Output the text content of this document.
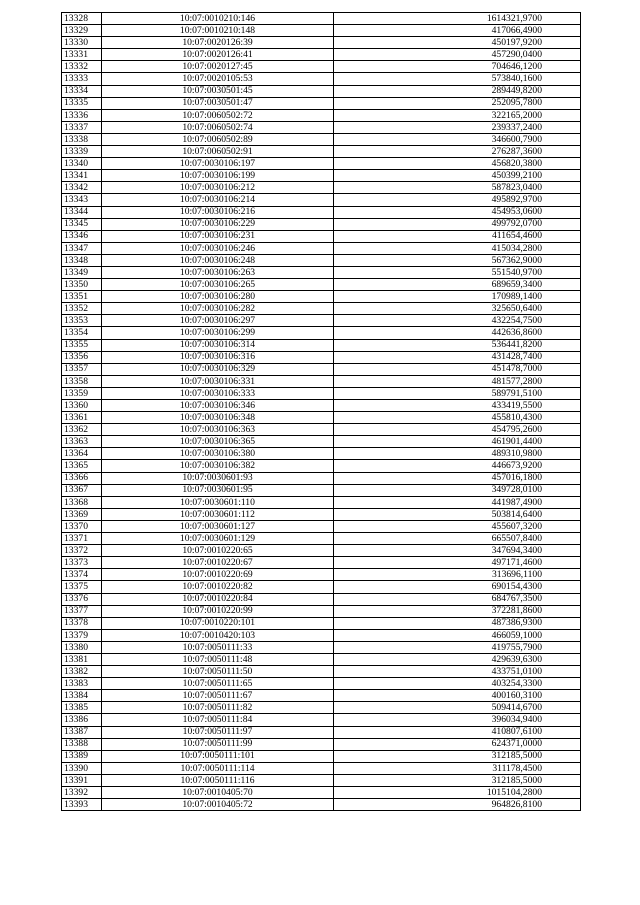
13328	10:07:0010210:146	1614321,9700
13329	10:07:0010210:148	417066,4900
13330	10:07:0020126:39	450197,9200
13331	10:07:0020126:41	457290,0400
13332	10:07:0020127:45	704646,1200
13333	10:07:0020105:53	573840,1600
13334	10:07:0030501:45	289449,8200
13335	10:07:0030501:47	252095,7800
13336	10:07:0060502:72	322165,2000
13337	10:07:0060502:74	239337,2400
13338	10:07:0060502:89	346600,7900
13339	10:07:0060502:91	276287,3600
13340	10:07:0030106:197	456820,3800
13341	10:07:0030106:199	450399,2100
13342	10:07:0030106:212	587823,0400
13343	10:07:0030106:214	495892,9700
13344	10:07:0030106:216	454953,0600
13345	10:07:0030106:229	499792,0700
13346	10:07:0030106:231	411654,4600
13347	10:07:0030106:246	415034,2800
13348	10:07:0030106:248	567362,9000
13349	10:07:0030106:263	551540,9700
13350	10:07:0030106:265	689659,3400
13351	10:07:0030106:280	170989,1400
13352	10:07:0030106:282	325650,6400
13353	10:07:0030106:297	432254,7500
13354	10:07:0030106:299	442636,8600
13355	10:07:0030106:314	536441,8200
13356	10:07:0030106:316	431428,7400
13357	10:07:0030106:329	451478,7000
13358	10:07:0030106:331	481577,2800
13359	10:07:0030106:333	589791,5100
13360	10:07:0030106:346	433419,5500
13361	10:07:0030106:348	455810,4300
13362	10:07:0030106:363	454795,2600
13363	10:07:0030106:365	461901,4400
13364	10:07:0030106:380	489310,9800
13365	10:07:0030106:382	446673,9200
13366	10:07:0030601:93	457016,1800
13367	10:07:0030601:95	349728,0100
13368	10:07:0030601:110	441987,4900
13369	10:07:0030601:112	503814,6400
13370	10:07:0030601:127	455607,3200
13371	10:07:0030601:129	665507,8400
13372	10:07:0010220:65	347694,3400
13373	10:07:0010220:67	497171,4600
13374	10:07:0010220:69	313696,1100
13375	10:07:0010220:82	690154,4300
13376	10:07:0010220:84	684767,3500
13377	10:07:0010220:99	372281,8600
13378	10:07:0010220:101	487386,9300
13379	10:07:0010420:103	466059,1000
13380	10:07:0050111:33	419755,7900
13381	10:07:0050111:48	429639,6300
13382	10:07:0050111:50	433751,0100
13383	10:07:0050111:65	403254,3300
13384	10:07:0050111:67	400160,3100
13385	10:07:0050111:82	509414,6700
13386	10:07:0050111:84	396034,9400
13387	10:07:0050111:97	410807,6100
13388	10:07:0050111:99	624371,0000
13389	10:07:0050111:101	312185,5000
13390	10:07:0050111:114	311178,4500
13391	10:07:0050111:116	312185,5000
13392	10:07:0010405:70	1015104,2800
13393	10:07:0010405:72	964826,8100
